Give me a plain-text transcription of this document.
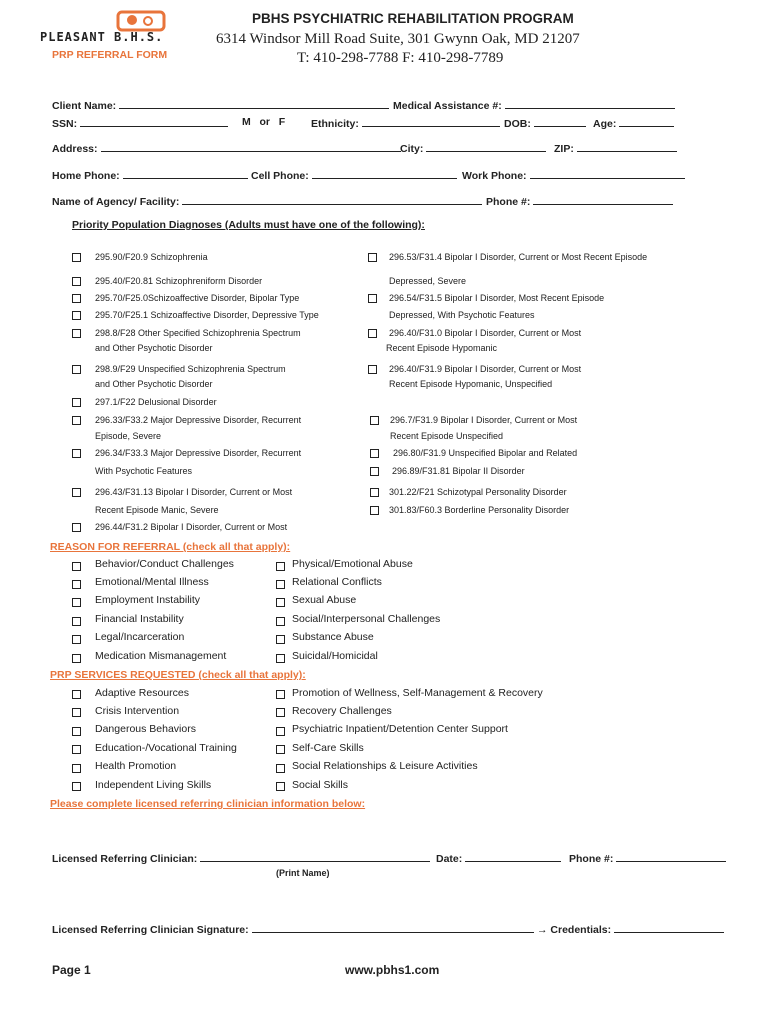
PLEASANT B.H.S.
PRP REFERRAL FORM
PBHS PSYCHIATRIC REHABILITATION PROGRAM
6314 Windsor Mill Road Suite, 301 Gwynn Oak, MD 21207
T: 410-298-7788 F: 410-298-7789
Client Name:	Medical Assistance #:
SSN:	M   or   F Ethnicity:	DOB:	Age:
Address:	City:	ZIP:
Home Phone:	Cell Phone:	Work Phone:
Name of Agency/ Facility:	Phone #:
Priority Population Diagnoses (Adults must have one of the following):
295.90/F20.9 Schizophrenia
295.40/F20.81 Schizophreniform Disorder
295.70/F25.0Schizoaffective Disorder, Bipolar Type
295.70/F25.1 Schizoaffective Disorder, Depressive Type
298.8/F28 Other Specified Schizophrenia Spectrum
and Other Psychotic Disorder
298.9/F29 Unspecified Schizophrenia Spectrum
and Other Psychotic Disorder
297.1/F22 Delusional Disorder
296.33/F33.2 Major Depressive Disorder, Recurrent
Episode, Severe
296.34/F33.3 Major Depressive Disorder, Recurrent
With Psychotic Features
296.43/F31.13 Bipolar I Disorder, Current or Most
Recent Episode Manic, Severe
296.44/F31.2 Bipolar I Disorder, Current or Most
296.53/F31.4 Bipolar I Disorder, Current or Most Recent Episode
Depressed, Severe
296.54/F31.5 Bipolar I Disorder, Most Recent Episode
Depressed, With Psychotic Features
296.40/F31.0 Bipolar I Disorder, Current or Most
Recent Episode Hypomanic
296.40/F31.9 Bipolar I Disorder, Current or Most
Recent Episode Hypomanic, Unspecified
296.7/F31.9 Bipolar I Disorder, Current or Most
Recent Episode Unspecified
296.80/F31.9 Unspecified Bipolar and Related
296.89/F31.81 Bipolar II Disorder
301.22/F21 Schizotypal Personality Disorder
301.83/F60.3 Borderline Personality Disorder
REASON FOR REFERRAL (check all that apply):
Behavior/Conduct Challenges
Emotional/Mental Illness
Employment Instability
Financial Instability
Legal/Incarceration
Medication Mismanagement
Physical/Emotional Abuse
Relational Conflicts
Sexual Abuse
Social/Interpersonal Challenges
Substance Abuse
Suicidal/Homicidal
PRP SERVICES REQUESTED (check all that apply):
Adaptive Resources
Crisis Intervention
Dangerous Behaviors
Education-/Vocational Training
Health Promotion
Independent Living Skills
Promotion of Wellness, Self-Management & Recovery
Recovery Challenges
Psychiatric Inpatient/Detention Center Support
Self-Care Skills
Social Relationships & Leisure Activities
Social Skills
Please complete licensed referring clinician information below:
Licensed Referring Clinician:	Date:	Phone #:
(Print Name)
Licensed Referring Clinician Signature:	→ Credentials:
Page 1	www.pbhs1.com
